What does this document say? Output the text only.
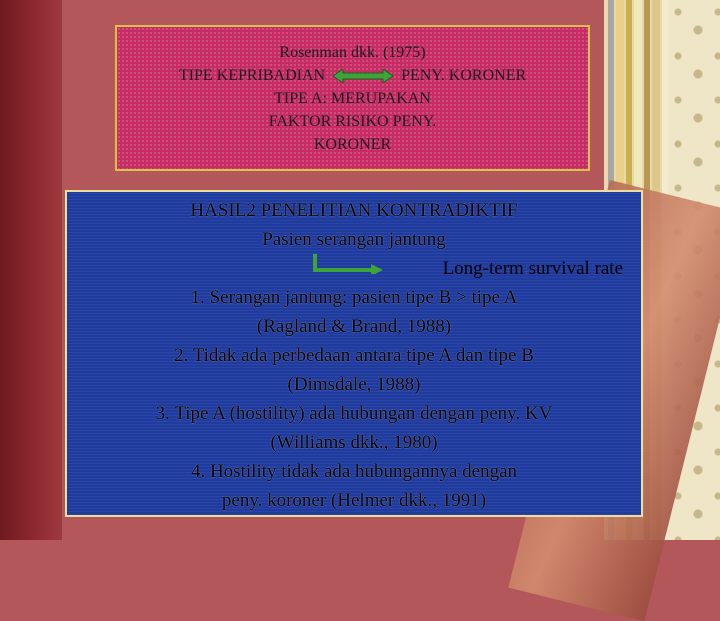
Rosenman dkk. (1975)
TIPE KEPRIBADIAN	PENY. KORONER
TIPE A: MERUPAKAN
FAKTOR RISIKO PENY.
KORONER
HASIL2 PENELITIAN KONTRADIKTIF
Pasien serangan jantung
Long-term survival rate
1. Serangan jantung: pasien tipe B > tipe A
(Ragland & Brand, 1988)
2. Tidak ada perbedaan antara tipe A dan tipe B
(Dimsdale, 1988)
3. Tipe A (hostility) ada hubungan dengan peny. KV
(Williams dkk., 1980)
4. Hostility tidak ada hubungannya dengan
peny. koroner (Helmer dkk., 1991)
